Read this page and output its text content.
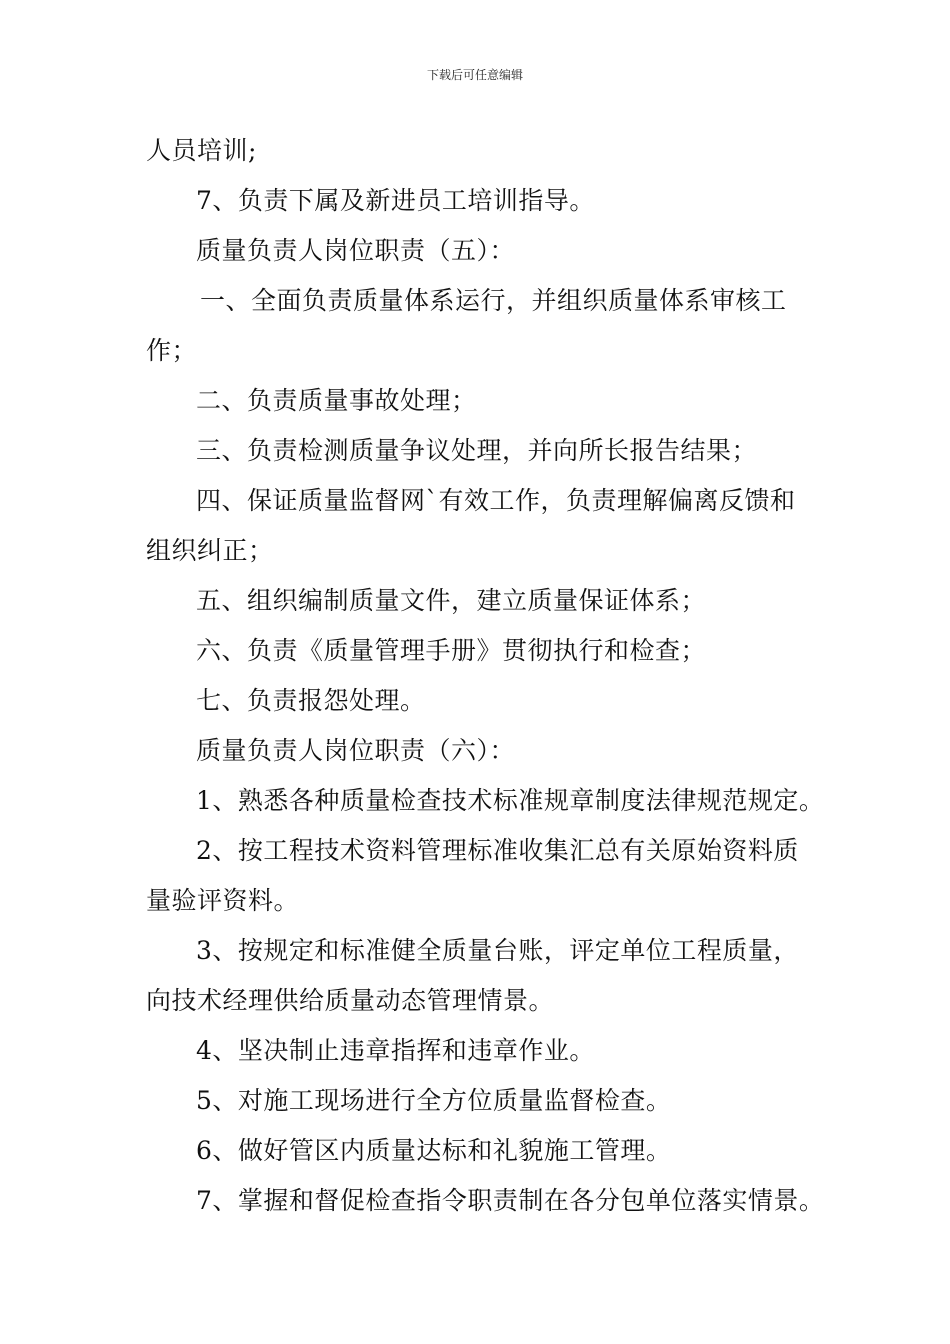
下载后可任意编辑
人员培训;
7、负责下属及新进员工培训指导。
质量负责人岗位职责（五）：
一、全面负责质量体系运行，并组织质量体系审核工
作；
二、负责质量事故处理；
三、负责检测质量争议处理，并向所长报告结果；
四、保证质量监督网`有效工作，负责理解偏离反馈和
组织纠正；
五、组织编制质量文件，建立质量保证体系；
六、负责《质量管理手册》贯彻执行和检查；
七、负责报怨处理。
质量负责人岗位职责（六）：
1、熟悉各种质量检查技术标准规章制度法律规范规定。
2、按工程技术资料管理标准收集汇总有关原始资料质
量验评资料。
3、按规定和标准健全质量台账，评定单位工程质量，
向技术经理供给质量动态管理情景。
4、坚决制止违章指挥和违章作业。
5、对施工现场进行全方位质量监督检查。
6、做好管区内质量达标和礼貌施工管理。
7、掌握和督促检查指令职责制在各分包单位落实情景。
